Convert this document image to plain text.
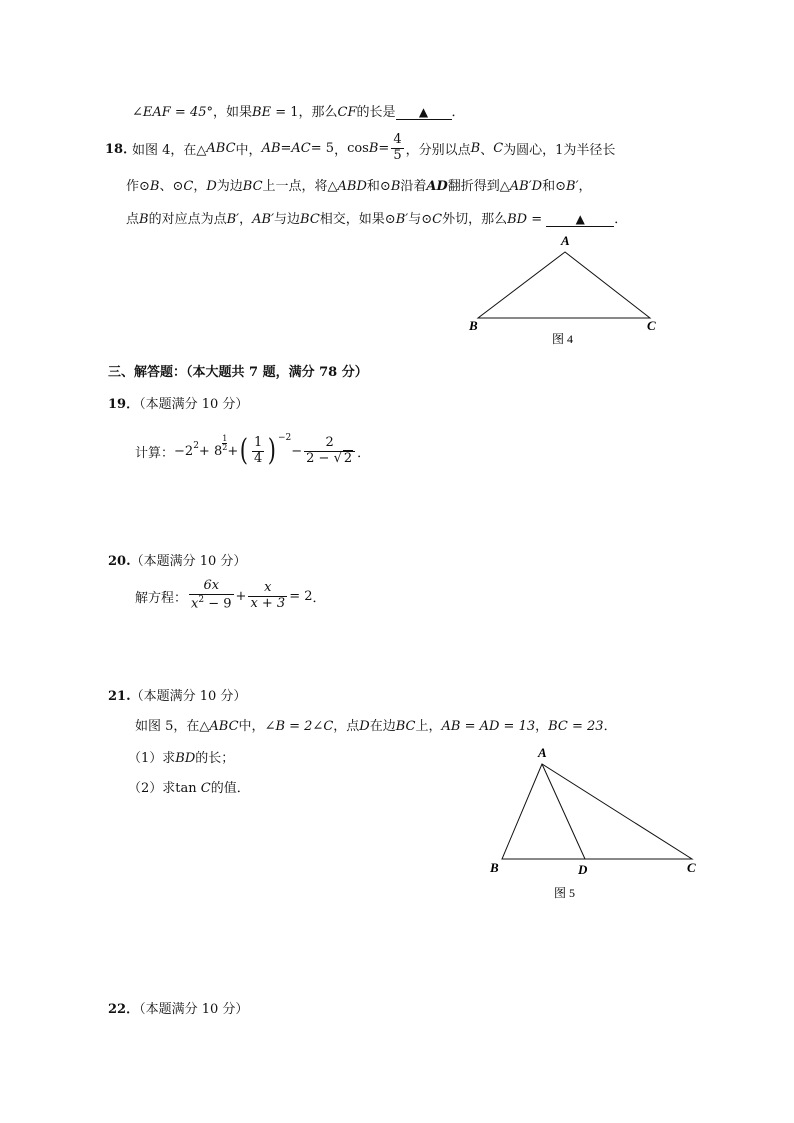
∠EAF = 45°，如果BE = 1，那么CF的长是 ▲ ．
18．
如图 4，在△ ABC 中， AB = AC = 5 ， $\cos B = \frac{4}{5}$ ，分别以点 B 、 C 为圆心，1为半径长
作⊙B、⊙C，D为边BC上一点，将△ABD和⊙B沿着AD翻折得到△AB′D和⊙B′，
点B的对应点为点B′，AB′与边BC相交，如果⊙B′与⊙C外切，那么BD = ▲ ．
A
B	C
图 4
三、解答题：（本大题共 7 题，满分 78 分）
19．（本题满分 10 分）
计算： $-2^2 + 8 \frac{1}{2}$ + ( $\frac{1}{4} )^{-2}$
− $\frac{2}{2 - √ 2}$ ．
20.（本题满分 10 分）
解方程： $\frac{6x}{x^2 - 9} + \frac{x}{x + 3} = 2$ ．
21.（本题满分 10 分）
如图 5，在△ABC中，∠B = 2∠C，点D在边BC上，AB = AD = 13，BC = 23．
（1）求BD的长；
（2）求tan C的值．
A
B	D	C
图 5
22．（本题满分 10 分）
